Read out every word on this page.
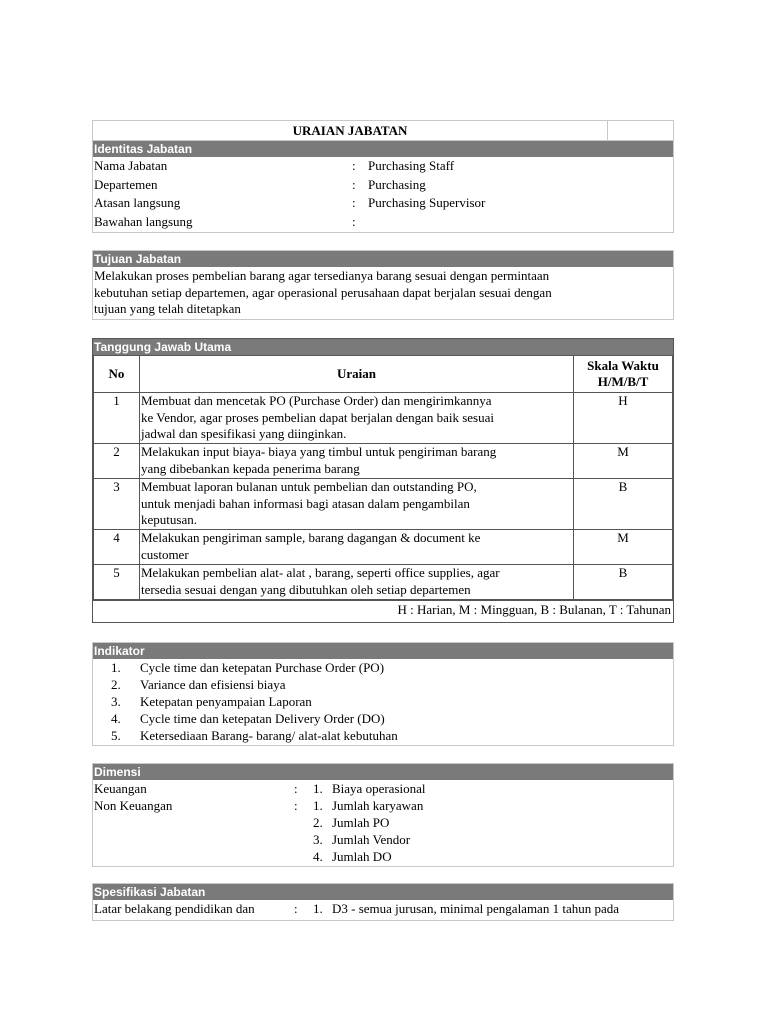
URAIAN JABATAN
Identitas Jabatan
Nama Jabatan	: Purchasing Staff
Departemen	: Purchasing
Atasan langsung	: Purchasing Supervisor
Bawahan langsung	:
Tujuan Jabatan
Melakukan proses pembelian barang agar tersedianya barang sesuai dengan permintaan
kebutuhan setiap departemen, agar operasional perusahaan dapat berjalan sesuai dengan
tujuan yang telah ditetapkan
Tanggung Jawab Utama
No	Uraian	Skala Waktu
H/M/B/T

1	Membuat dan mencetak PO (Purchase Order) dan mengirimkannya
ke Vendor, agar proses pembelian dapat berjalan dengan baik sesuai
jadwal dan spesifikasi yang diinginkan.	H
2	Melakukan input biaya- biaya yang timbul untuk pengiriman barang
yang dibebankan kepada penerima barang	M
3	Membuat laporan bulanan untuk pembelian dan outstanding PO,
untuk menjadi bahan informasi bagi atasan dalam pengambilan
keputusan.	B
4	Melakukan pengiriman sample, barang dagangan & document ke
customer	M
5	Melakukan pembelian alat- alat , barang, seperti office supplies, agar
tersedia sesuai dengan yang dibutuhkan oleh setiap departemen	B
H : Harian, M : Mingguan, B : Bulanan, T : Tahunan
Indikator
1. Cycle time dan ketepatan Purchase Order (PO)
2. Variance dan efisiensi biaya
3. Ketepatan penyampaian Laporan
4. Cycle time dan ketepatan Delivery Order (DO)
5. Ketersediaan Barang- barang/ alat-alat kebutuhan
Dimensi
Keuangan	: 1. Biaya operasional
Non Keuangan	: 1. Jumlah karyawan
2. Jumlah PO
3. Jumlah Vendor
4. Jumlah DO
Spesifikasi Jabatan
Latar belakang pendidikan dan	: 1. D3 - semua jurusan, minimal pengalaman 1 tahun pada
